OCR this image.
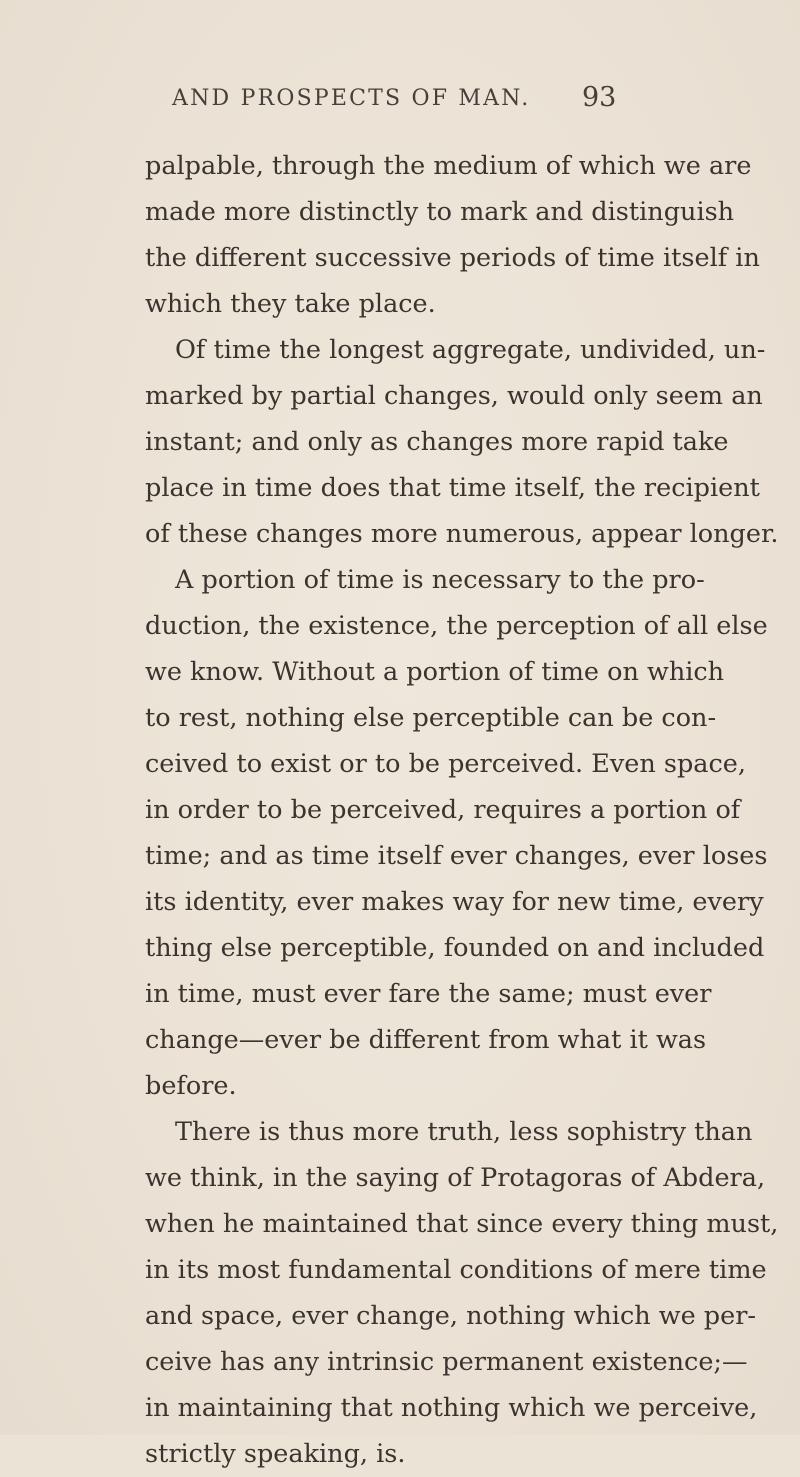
AND PROSPECTS OF MAN.	93
palpable, through the medium of which we are
made more distinctly to mark and distinguish
the different successive periods of time itself in
which they take place.
Of time the longest aggregate, undivided, un-
marked by partial changes, would only seem an
instant; and only as changes more rapid take
place in time does that time itself, the recipient
of these changes more numerous, appear longer.
A portion of time is necessary to the pro-
duction, the existence, the perception of all else
we know. Without a portion of time on which
to rest, nothing else perceptible can be con-
ceived to exist or to be perceived. Even space,
in order to be perceived, requires a portion of
time; and as time itself ever changes, ever loses
its identity, ever makes way for new time, every
thing else perceptible, founded on and included
in time, must ever fare the same; must ever
change—ever be different from what it was
before.
There is thus more truth, less sophistry than
we think, in the saying of Protagoras of Abdera,
when he maintained that since every thing must,
in its most fundamental conditions of mere time
and space, ever change, nothing which we per-
ceive has any intrinsic permanent existence;—
in maintaining that nothing which we perceive,
strictly speaking, is.
